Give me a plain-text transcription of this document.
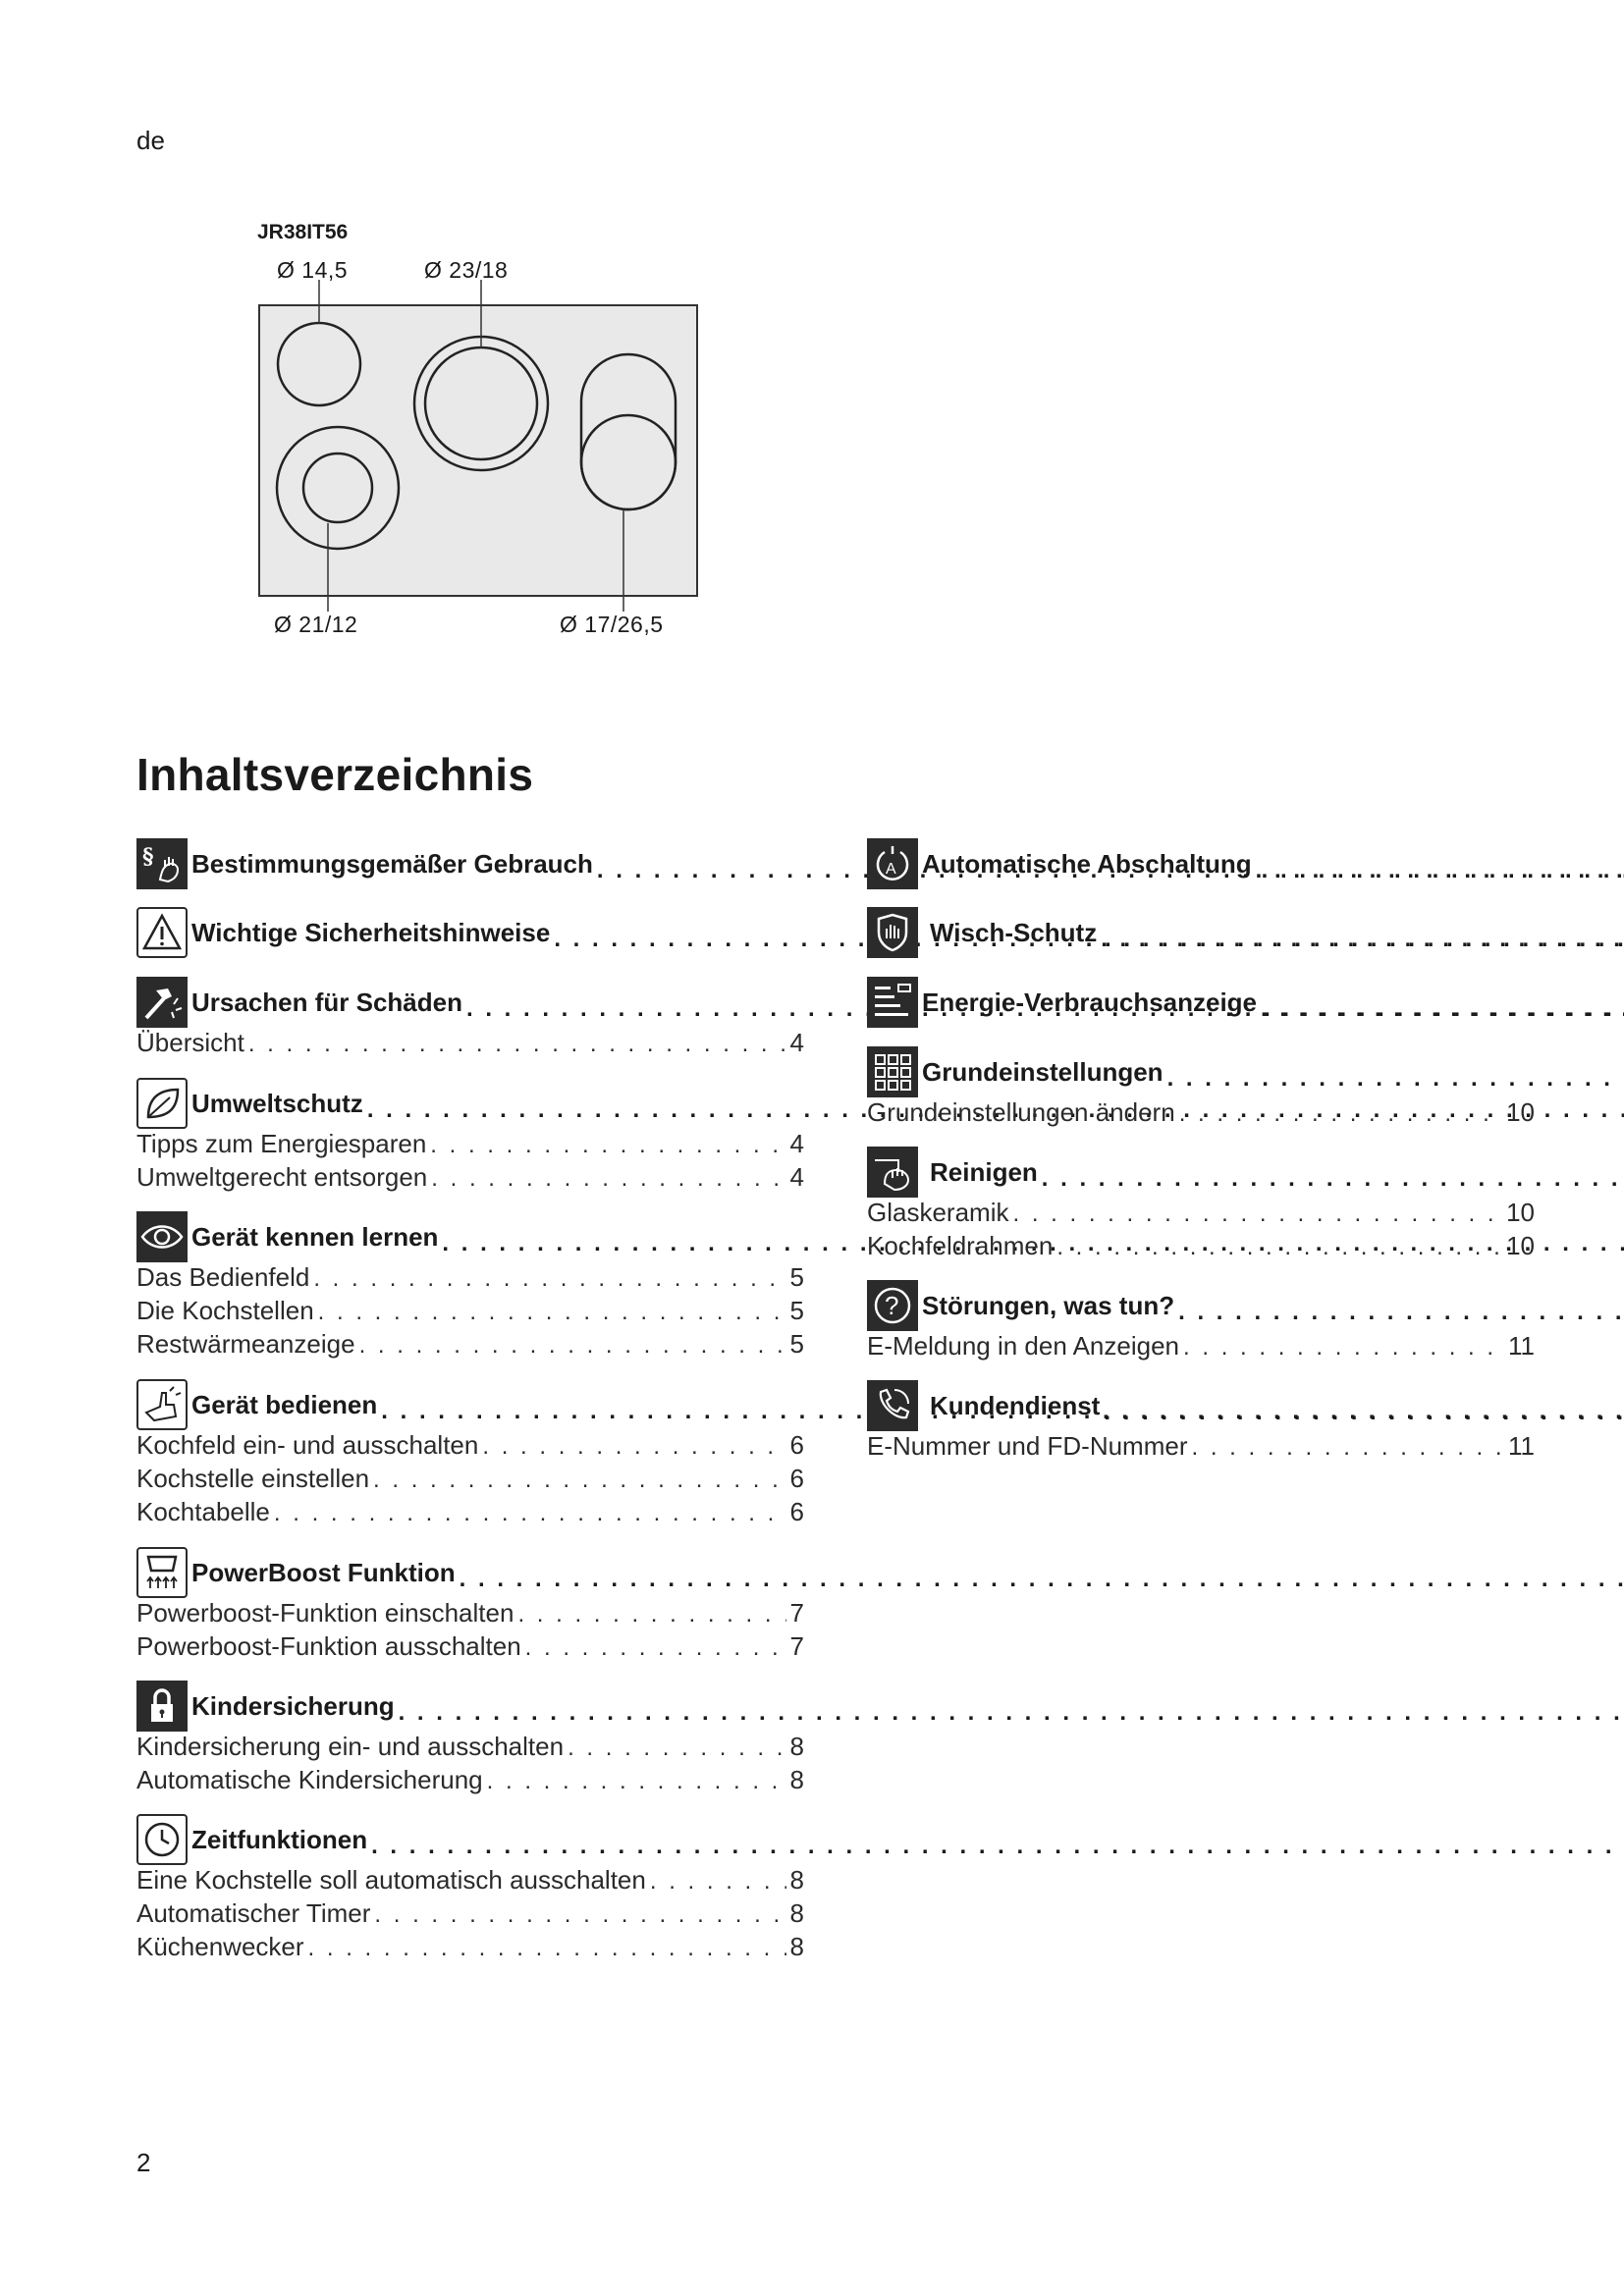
de
JR38IT56
Ø 14,5	Ø 23/18
Ø 21/12	Ø 17/26,5
Inhaltsverzeichnis
§ Bestimmungsgemäßer Gebrauch
. . .
Wichtige Sicherheitshinweise
. . .
Ursachen für Schäden
. . .
Übersicht . . .	4
Umweltschutz
. . .
Tipps zum Energiesparen . . .	4
Umweltgerecht entsorgen . . .	4
Gerät kennen lernen
. . .
Das Bedienfeld . . .	5
Die Kochstellen . . .	5
Restwärmeanzeige . . .	5
Gerät bedienen
. . .
Kochfeld ein- und ausschalten . . .	6
Kochstelle einstellen . . .	6
Kochtabelle . . .	6
PowerBoost Funktion
. . .
Powerboost-Funktion einschalten . . .	7
Powerboost-Funktion ausschalten . . .	7
Kindersicherung
. . .
Kindersicherung ein- und ausschalten . . .	8
Automatische Kindersicherung . . .	8
Zeitfunktionen
. . .
Eine Kochstelle soll automatisch ausschalten . . .	8
Automatischer Timer . . .	8
Küchenwecker . . .	8
A Automatische Abschaltung
. . .
Wisch-Schutz
. . .
Energie-Verbrauchsanzeige
. . .
Grundeinstellungen
. . .
Grundeinstellungen ändern . . .	10
Reinigen
. . .
Glaskeramik . . .	10
Kochfeldrahmen . . .	10
? Störungen, was tun?
. . .
E-Meldung in den Anzeigen . . .	11
Kundendienst
. . .
E-Nummer und FD-Nummer . . .	11
2
